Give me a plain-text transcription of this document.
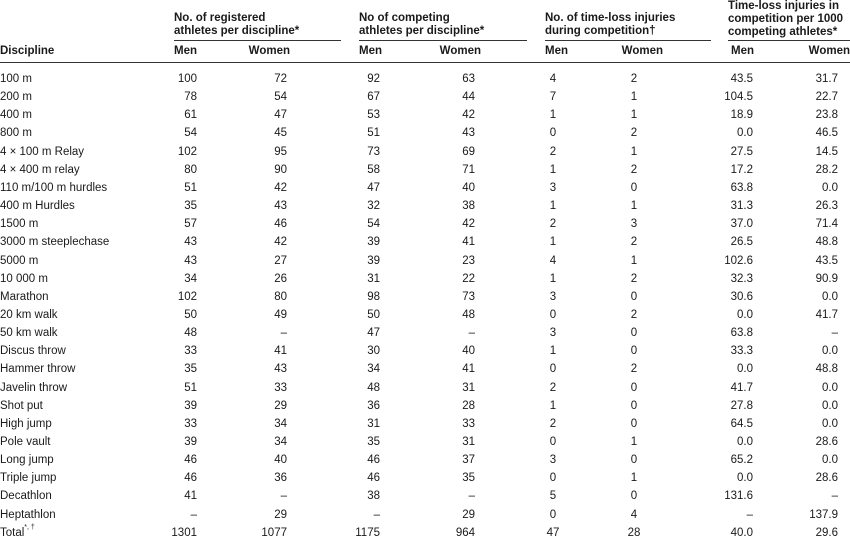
No. of registered
athletes per discipline*
No of competing
athletes per discipline*
No. of time-loss injuries
during competition†
Time-loss injuries in
competition per 1000
competing athletes*
Discipline	Men	Women	Men	Women	Men	Women	Men	Women
100 m	100	72	92	63	4	2	43.5	31.7
200 m	78	54	67	44	7	1	104.5	22.7
400 m	61	47	53	42	1	1	18.9	23.8
800 m	54	45	51	43	0	2	0.0	46.5
4 × 100 m Relay	102	95	73	69	2	1	27.5	14.5
4 × 400 m relay	80	90	58	71	1	2	17.2	28.2
110 m/100 m hurdles	51	42	47	40	3	0	63.8	0.0
400 m Hurdles	35	43	32	38	1	1	31.3	26.3
1500 m	57	46	54	42	2	3	37.0	71.4
3000 m steeplechase	43	42	39	41	1	2	26.5	48.8
5000 m	43	27	39	23	4	1	102.6	43.5
10 000 m	34	26	31	22	1	2	32.3	90.9
Marathon	102	80	98	73	3	0	30.6	0.0
20 km walk	50	49	50	48	0	2	0.0	41.7
50 km walk	48	–	47	–	3	0	63.8	–
Discus throw	33	41	30	40	1	0	33.3	0.0
Hammer throw	35	43	34	41	0	2	0.0	48.8
Javelin throw	51	33	48	31	2	0	41.7	0.0
Shot put	39	29	36	28	1	0	27.8	0.0
High jump	33	34	31	33	2	0	64.5	0.0
Pole vault	39	34	35	31	0	1	0.0	28.6
Long jump	46	40	46	37	3	0	65.2	0.0
Triple jump	46	36	46	35	0	1	0.0	28.6
Decathlon	41	–	38	–	5	0	131.6	–
Heptathlon	–	29	–	29	0	4	–	137.9
Total*, †	1301	1077	1175	964	47	28	40.0	29.6
